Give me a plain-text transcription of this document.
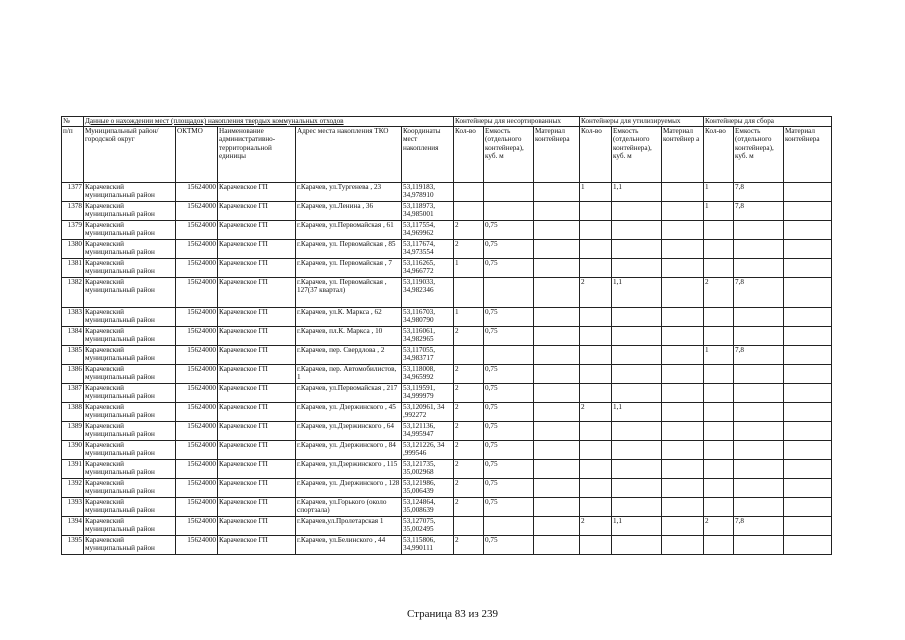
№	Данные о нахождении мест (площадок) накопления твердых коммунальных отходов					Контейнеры для несортированных			Контейнеры для утилизируемых			Контейнеры для сбора		
п/п	Муниципальный район/городской округ	ОКТМО	Наименование административно-территориальной единицы	Адрес места накопления ТКО	Координаты мест накопления	Кол-во	Емкость (отдельного контейнера), куб. м	Материал контейнера	Кол-во	Емкость (отдельного контейнера), куб. м	Материал контейнер а	Кол-во	Емкость (отдельного контейнера), куб. м	Материал контейнера
1377	Карачевский муниципальный район	15624000	Карачевское ГП	г.Карачев, ул.Тургенева , 23	53,119183, 34,978910				1	1,1		1	7,8	
1378	Карачевский муниципальный район	15624000	Карачевское ГП	г.Карачев, ул.Ленина , 36	53,118973, 34,985001							1	7,8	
1379	Карачевский муниципальный район	15624000	Карачевское ГП	г.Карачев, ул.Первомайская , 61	53,117554, 34,969962	2	0,75							
1380	Карачевский муниципальный район	15624000	Карачевское ГП	г.Карачев, ул. Первомайская , 85	53,117674, 34,973554	2	0,75							
1381	Карачевский муниципальный район	15624000	Карачевское ГП	г.Карачев, ул. Первомайская , 7	53,116265, 34,966772	1	0,75							
1382	Карачевский муниципальный район	15624000	Карачевское ГП	г.Карачев, ул. Первомайская , 127(37 квартал)	53,119033, 34,982346				2	1,1		2	7,8	
1383	Карачевский муниципальный район	15624000	Карачевское ГП	г.Карачев, ул.К. Маркса , 62	53,116703, 34,980790	1	0,75							
1384	Карачевский муниципальный район	15624000	Карачевское ГП	г.Карачев, пл.К. Маркса , 10	53,116061, 34,982965	2	0,75							
1385	Карачевский муниципальный район	15624000	Карачевское ГП	г.Карачев, пер. Свердлова , 2	53,117055, 34,983717							1	7,8	
1386	Карачевский муниципальный район	15624000	Карачевское ГП	г.Карачев, пер. Автомобилистов, 1	53,118008, 34,965992	2	0,75							
1387	Карачевский муниципальный район	15624000	Карачевское ГП	г.Карачев, ул.Первомайская , 217	53,119591, 34,999979	2	0,75							
1388	Карачевский муниципальный район	15624000	Карачевское ГП	г.Карачев, ул. Дзержинского , 45	53,120961, 34 ,992272	2	0,75		2	1,1				
1389	Карачевский муниципальный район	15624000	Карачевское ГП	г.Карачев, ул.Дзержинского , 64	53,121136, 34,995947	2	0,75							
1390	Карачевский муниципальный район	15624000	Карачевское ГП	г.Карачев, ул. Дзержинского , 84	53,121226, 34 ,999546	2	0,75							
1391	Карачевский муниципальный район	15624000	Карачевское ГП	г.Карачев, ул.Дзержинского , 115	53,121735, 35,002968	2	0,75							
1392	Карачевский муниципальный район	15624000	Карачевское ГП	г.Карачев, ул. Дзержинского , 128	53,121986, 35,006439	2	0,75							
1393	Карачевский муниципальный район	15624000	Карачевское ГП	г.Карачев, ул.Горького (около спортзала)	53,124864, 35,008639	2	0,75							
1394	Карачевский муниципальный район	15624000	Карачевское ГП	г.Карачев,ул.Пролетарская 1	53,127075, 35,002495				2	1,1		2	7,8	
1395	Карачевский муниципальный район	15624000	Карачевское ГП	г.Карачев, ул.Белинского , 44	53,115806, 34,990111	2	0,75							
Страница 83 из 239
